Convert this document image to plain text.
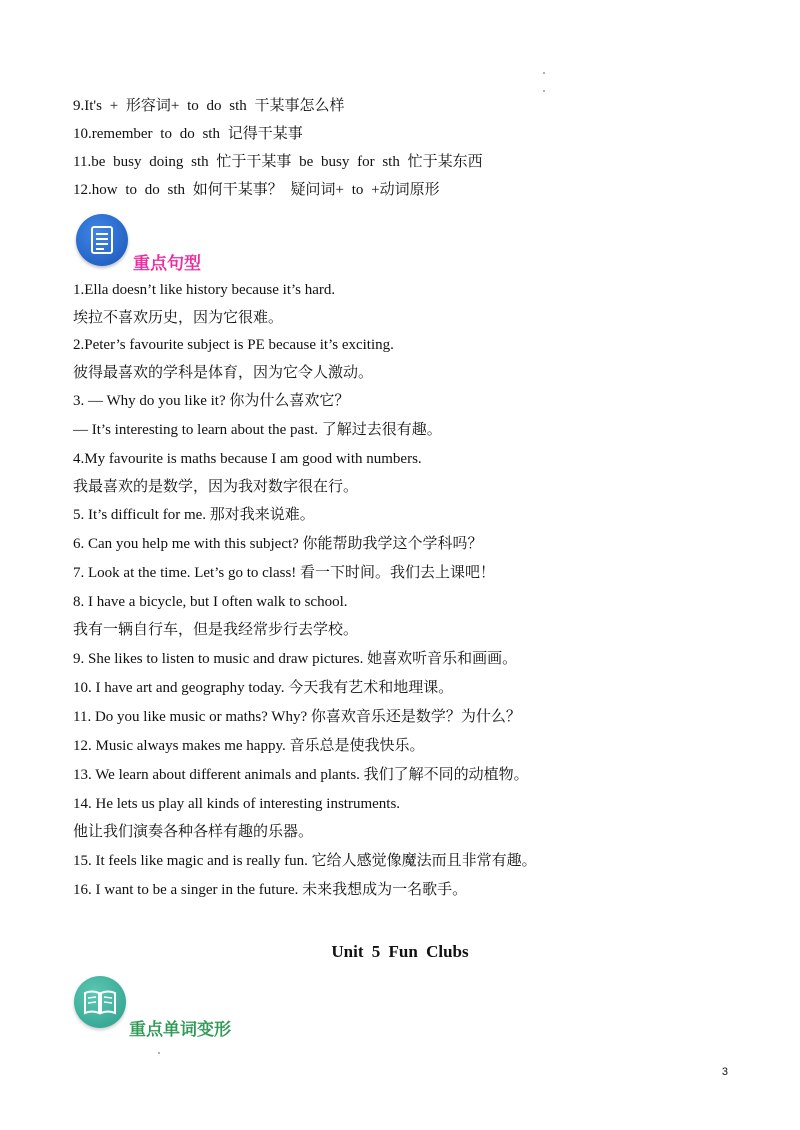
9.It's + 形容词+ to do sth 干某事怎么样
10.remember to do sth 记得干某事
11.be busy doing sth 忙于干某事 be busy for sth 忙于某东西
12.how to do sth 如何干某事？ 疑问词+ to +动词原形
重点句型
1.Ella doesn’t like history because it’s hard.
埃拉不喜欢历史，因为它很难。
2.Peter’s favourite subject is PE because it’s exciting.
彼得最喜欢的学科是体育，因为它令人激动。
3. — Why do you like it? 你为什么喜欢它？
— It’s interesting to learn about the past. 了解过去很有趣。
4.My favourite is maths because I am good with numbers.
我最喜欢的是数学，因为我对数字很在行。
5. It’s difficult for me. 那对我来说难。
6. Can you help me with this subject? 你能帮助我学这个学科吗？
7. Look at the time. Let’s go to class! 看一下时间。我们去上课吧！
8. I have a bicycle, but I often walk to school.
我有一辆自行车，但是我经常步行去学校。
9. She likes to listen to music and draw pictures. 她喜欢听音乐和画画。
10. I have art and geography today. 今天我有艺术和地理课。
11. Do you like music or maths? Why? 你喜欢音乐还是数学？为什么？
12. Music always makes me happy. 音乐总是使我快乐。
13. We learn about different animals and plants. 我们了解不同的动植物。
14. He lets us play all kinds of interesting instruments.
他让我们演奏各种各样有趣的乐器。
15. It feels like magic and is really fun. 它给人感觉像魔法而且非常有趣。
16. I want to be a singer in the future. 未来我想成为一名歌手。
Unit 5 Fun Clubs
重点单词变形
3
